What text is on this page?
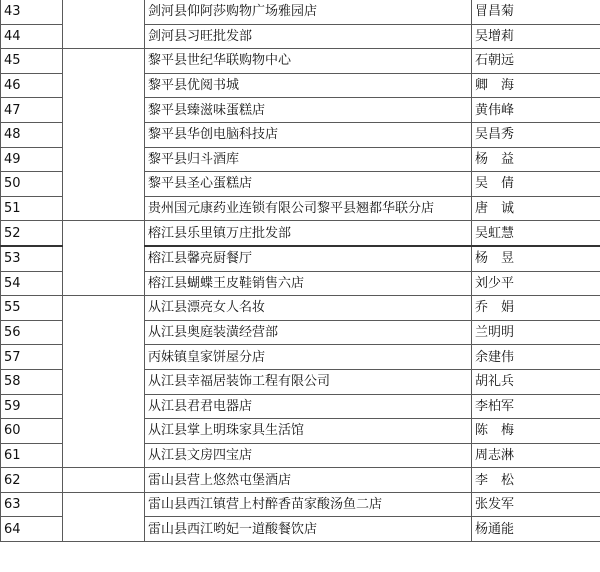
43		剑河县仰阿莎购物广场雅园店	冒昌菊
44		剑河县习旺批发部	吴增莉
45		黎平县世纪华联购物中心	石朝远
46		黎平县优阅书城	卿　海
47		黎平县臻滋味蛋糕店	黄伟峰
48		黎平县华创电脑科技店	吴昌秀
49		黎平县归斗酒库	杨　益
50		黎平县圣心蛋糕店	吴　倩
51		贵州国元康药业连锁有限公司黎平县翘都华联分店	唐　诚
52		榕江县乐里镇万庄批发部	吴虹慧
53		榕江县馨亮厨餐厅	杨　昱
54		榕江县蝴蝶王皮鞋销售六店	刘少平
55		从江县漂亮女人名妆	乔　娟
56		从江县奥庭装潢经营部	兰明明
57		丙妹镇皇家饼屋分店	余建伟
58		从江县幸福居装饰工程有限公司	胡礼兵
59		从江县君君电器店	李柏军
60		从江县掌上明珠家具生活馆	陈　梅
61		从江县文房四宝店	周志淋
62		雷山县营上悠然屯堡酒店	李　松
63		雷山县西江镇营上村醉香苗家酸汤鱼二店	张发军
64		雷山县西江哟妃一道酸餐饮店	杨通能
